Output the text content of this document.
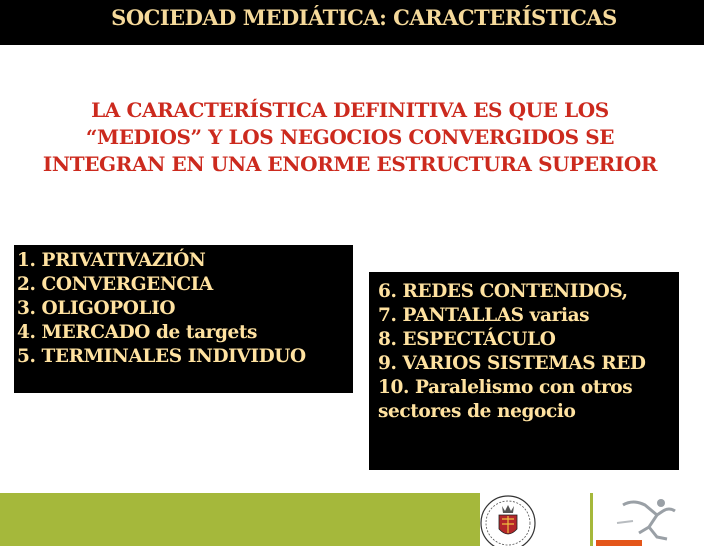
SOCIEDAD MEDIÁTICA: CARACTERÍSTICAS
LA CARACTERÍSTICA DEFINITIVA ES QUE LOS
“MEDIOS” Y LOS NEGOCIOS CONVERGIDOS SE
INTEGRAN EN UNA ENORME ESTRUCTURA SUPERIOR
1. PRIVATIVAZIÓN
2. CONVERGENCIA
3. OLIGOPOLIO
4. MERCADO de targets
5. TERMINALES INDIVIDUO
6. REDES CONTENIDOS,
7. PANTALLAS varias
8. ESPECTÁCULO
9. VARIOS SISTEMAS RED
10. Paralelismo con otros sectores de negocio
